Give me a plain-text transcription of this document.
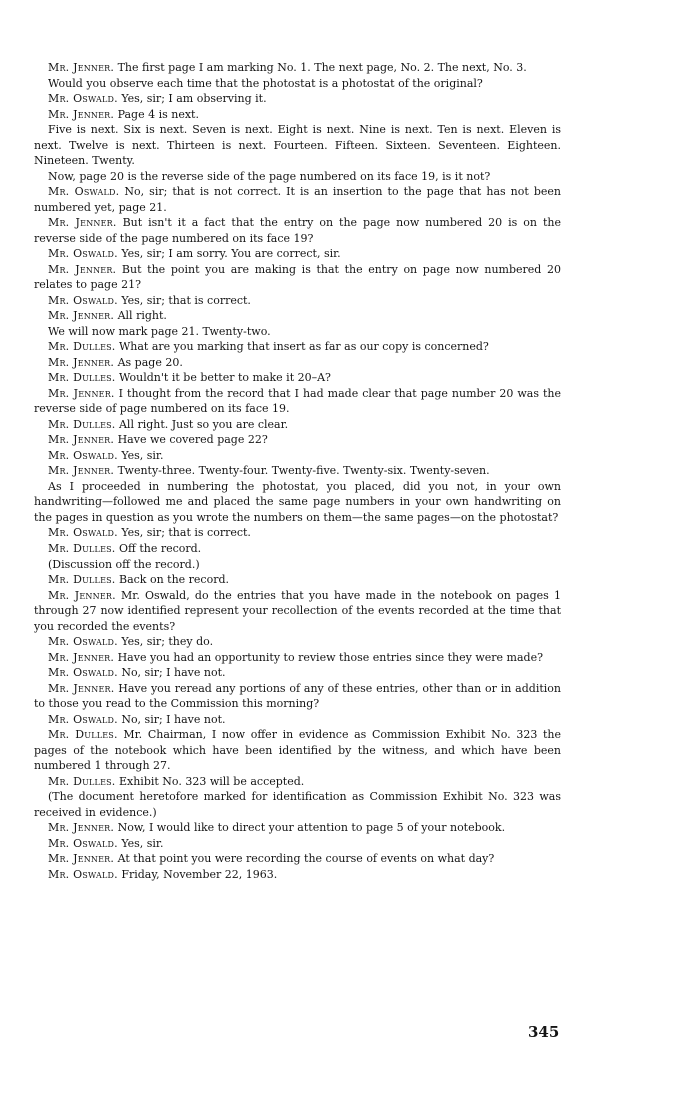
Mr. Jenner. The first page I am marking No. 1. The next page, No. 2. The next, No. 3.

Would you observe each time that the photostat is a photostat of the original?

Mr. Oswald. Yes, sir; I am observing it.

Mr. Jenner. Page 4 is next.

Five is next. Six is next. Seven is next. Eight is next. Nine is next. Ten is next. Eleven is next. Twelve is next. Thirteen is next. Fourteen. Fifteen. Sixteen. Seventeen. Eighteen. Nineteen. Twenty.

Now, page 20 is the reverse side of the page numbered on its face 19, is it not?

Mr. Oswald. No, sir; that is not correct. It is an insertion to the page that has not been numbered yet, page 21.

Mr. Jenner. But isn't it a fact that the entry on the page now numbered 20 is on the reverse side of the page numbered on its face 19?

Mr. Oswald. Yes, sir; I am sorry. You are correct, sir.

Mr. Jenner. But the point you are making is that the entry on page now numbered 20 relates to page 21?

Mr. Oswald. Yes, sir; that is correct.

Mr. Jenner. All right.

We will now mark page 21. Twenty-two.

Mr. Dulles. What are you marking that insert as far as our copy is concerned?

Mr. Jenner. As page 20.

Mr. Dulles. Wouldn't it be better to make it 20–A?

Mr. Jenner. I thought from the record that I had made clear that page number 20 was the reverse side of page numbered on its face 19.

Mr. Dulles. All right. Just so you are clear.

Mr. Jenner. Have we covered page 22?

Mr. Oswald. Yes, sir.

Mr. Jenner. Twenty-three. Twenty-four. Twenty-five. Twenty-six. Twenty-seven.

As I proceeded in numbering the photostat, you placed, did you not, in your own handwriting—followed me and placed the same page numbers in your own handwriting on the pages in question as you wrote the numbers on them—the same pages—on the photostat?

Mr. Oswald. Yes, sir; that is correct.

Mr. Dulles. Off the record.

(Discussion off the record.)

Mr. Dulles. Back on the record.

Mr. Jenner. Mr. Oswald, do the entries that you have made in the notebook on pages 1 through 27 now identified represent your recollection of the events recorded at the time that you recorded the events?

Mr. Oswald. Yes, sir; they do.

Mr. Jenner. Have you had an opportunity to review those entries since they were made?

Mr. Oswald. No, sir; I have not.

Mr. Jenner. Have you reread any portions of any of these entries, other than or in addition to those you read to the Commission this morning?

Mr. Oswald. No, sir; I have not.

Mr. Dulles. Mr. Chairman, I now offer in evidence as Commission Exhibit No. 323 the pages of the notebook which have been identified by the witness, and which have been numbered 1 through 27.

Mr. Dulles. Exhibit No. 323 will be accepted.

(The document heretofore marked for identification as Commission Exhibit No. 323 was received in evidence.)

Mr. Jenner. Now, I would like to direct your attention to page 5 of your notebook.

Mr. Oswald. Yes, sir.

Mr. Jenner. At that point you were recording the course of events on what day?

Mr. Oswald. Friday, November 22, 1963.

345
